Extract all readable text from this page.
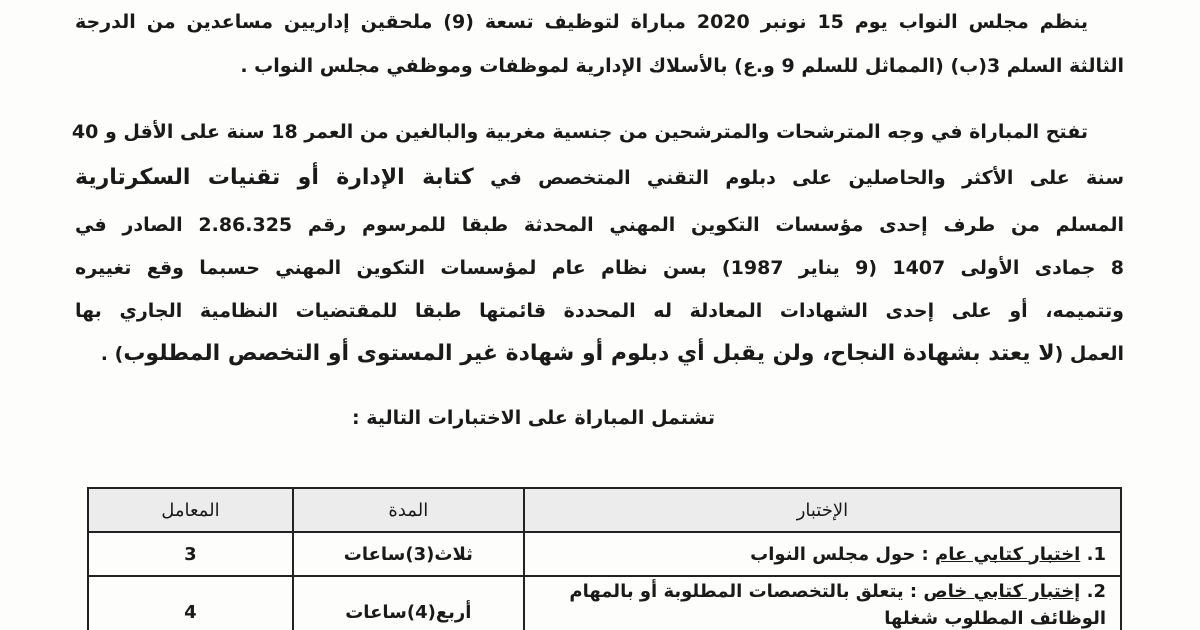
ينظم مجلس النواب يوم 15 نونبر 2020 مباراة لتوظيف تسعة (9) ملحقين إداريين مساعدين من الدرجة
الثالثة السلم 3(ب) (المماثل للسلم 9 و.ع) بالأسلاك الإدارية لموظفات وموظفي مجلس النواب .
تفتح المباراة في وجه المترشحات والمترشحين من جنسية مغربية والبالغين من العمر 18 سنة على الأقل و 40
سنة على الأكثر والحاصلين على دبلوم التقني المتخصص في كتابة الإدارة أو تقنيات السكرتارية
المسلم من طرف إحدى مؤسسات التكوين المهني المحدثة طبقا للمرسوم رقم 2.86.325 الصادر في
8 جمادى الأولى 1407 (9 يناير 1987) بسن نظام عام لمؤسسات التكوين المهني حسبما وقع تغييره
وتتميمه، أو على إحدى الشهادات المعادلة له المحددة قائمتها طبقا للمقتضيات النظامية الجاري بها
العمل (لا يعتد بشهادة النجاح، ولن يقبل أي دبلوم أو شهادة غير المستوى أو التخصص المطلوب) .
تشتمل المباراة على الاختبارات التالية :
الإختبار	المدة	المعامل
1. اختبار كتابي عام : حول مجلس النواب	ثلاث(3)ساعات	3
2. إختبار كتابي خاص : يتعلق بالتخصصات المطلوبة أو بالمهام
الوظائف المطلوب شغلها	أربع(4)ساعات	4
